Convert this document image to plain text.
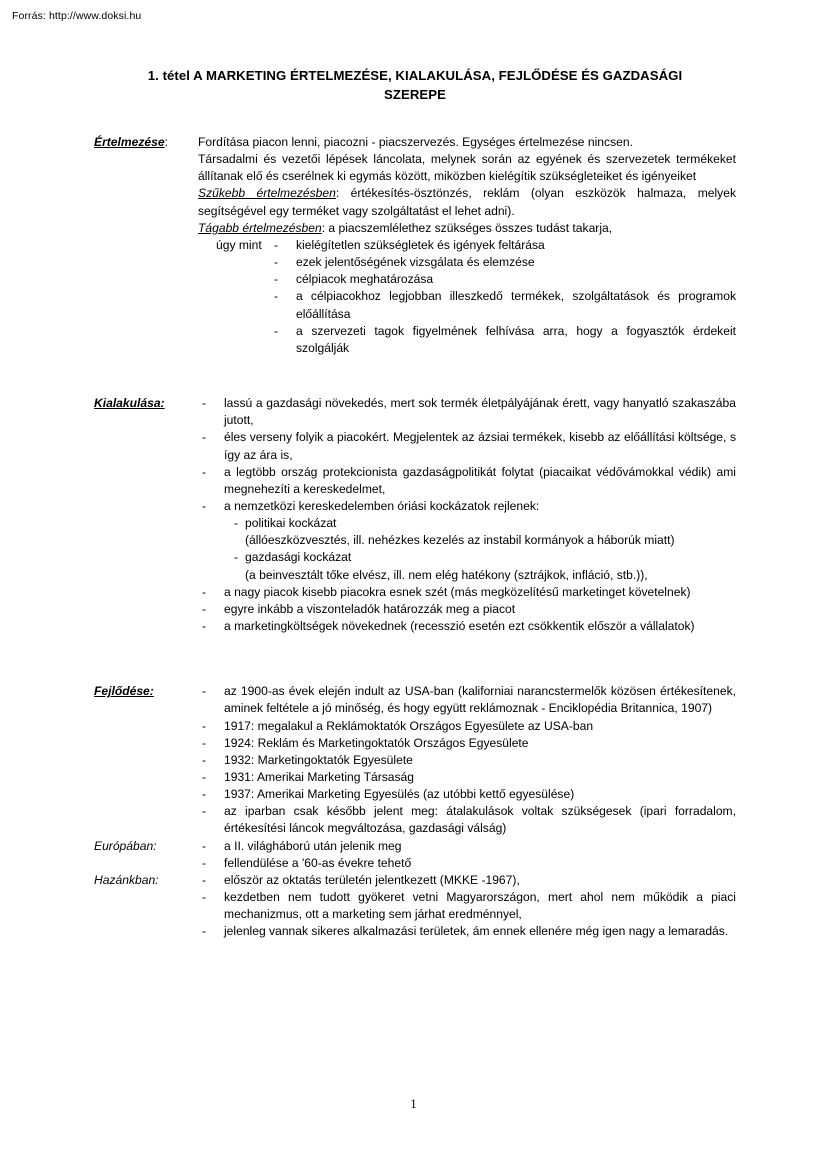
Forrás: http://www.doksi.hu
1. tétel A MARKETING ÉRTELMEZÉSE, KIALAKULÁSA, FEJLŐDÉSE ÉS GAZDASÁGI
SZEREPE
Értelmezése:	Fordítása piacon lenni, piacozni - piacszervezés. Egységes értelmezése nincsen.

Társadalmi és vezetői lépések láncolata, melynek során az egyének és szervezetek termékeket állítanak elő és cserélnek ki egymás között, miközben kielégítik szükségleteiket és igényeiket

Szűkebb értelmezésben: értékesítés-ösztönzés, reklám (olyan eszközök halmaza, melyek segítségével egy terméket vagy szolgáltatást el lehet adni).

Tágabb értelmezésben: a piacszemlélethez szükséges összes tudást takarja,

úgy mint	- kielégítetlen szükségletek és igények feltárása
- ezek jelentőségének vizsgálata és elemzése
- célpiacok meghatározása
- a célpiacokhoz legjobban illeszkedő termékek, szolgáltatások és programok előállítása
- a szervezeti tagok figyelmének felhívása arra, hogy a fogyasztók érdekeit szolgálják
Kialakulása:	- lassú a gazdasági növekedés, mert sok termék életpályájának érett, vagy hanyatló szakaszába jutott,
- éles verseny folyik a piacokért. Megjelentek az ázsiai termékek, kisebb az előállítási költsége, s így az ára is,
- a legtöbb ország protekcionista gazdaságpolitikát folytat (piacaikat védővámokkal védik) ami megnehezíti a kereskedelmet,
- a nemzetközi kereskedelemben óriási kockázatok rejlenek:
- politikai kockázat
(állóeszközvesztés, ill. nehézkes kezelés az instabil kormányok a háborúk miatt)
- gazdasági kockázat
(a beinvesztált tőke elvész, ill. nem elég hatékony (sztrájkok, infláció, stb.)),
- a nagy piacok kisebb piacokra esnek szét (más megközelítésű marketinget követelnek)
- egyre inkább a viszonteladók határozzák meg a piacot
- a marketingköltségek növekednek (recesszió esetén ezt csökkentik először a vállalatok)
Fejlődése:	- az 1900-as évek elején indult az USA-ban (kaliforniai narancstermelők közösen értékesítenek, aminek feltétele a jó minőség, és hogy együtt reklámoznak - Enciklopédia Britannica, 1907)
- 1917: megalakul a Reklámoktatók Országos Egyesülete az USA-ban
- 1924: Reklám és Marketingoktatók Országos Egyesülete
- 1932: Marketingoktatók Egyesülete
- 1931: Amerikai Marketing Társaság
- 1937: Amerikai Marketing Egyesülés (az utóbbi kettő egyesülése)
- az iparban csak később jelent meg: átalakulások voltak szükségesek (ipari forradalom, értékesítési láncok megváltozása, gazdasági válság)
Európában:	- a II. világháború után jelenik meg
- fellendülése a '60-as évekre tehető
Hazánkban:	- először az oktatás területén jelentkezett (MKKE -1967),
- kezdetben nem tudott gyökeret vetni Magyarországon, mert ahol nem működik a piaci mechanizmus, ott a marketing sem járhat eredménnyel,
- jelenleg vannak sikeres alkalmazási területek, ám ennek ellenére még igen nagy a lemaradás.
1
